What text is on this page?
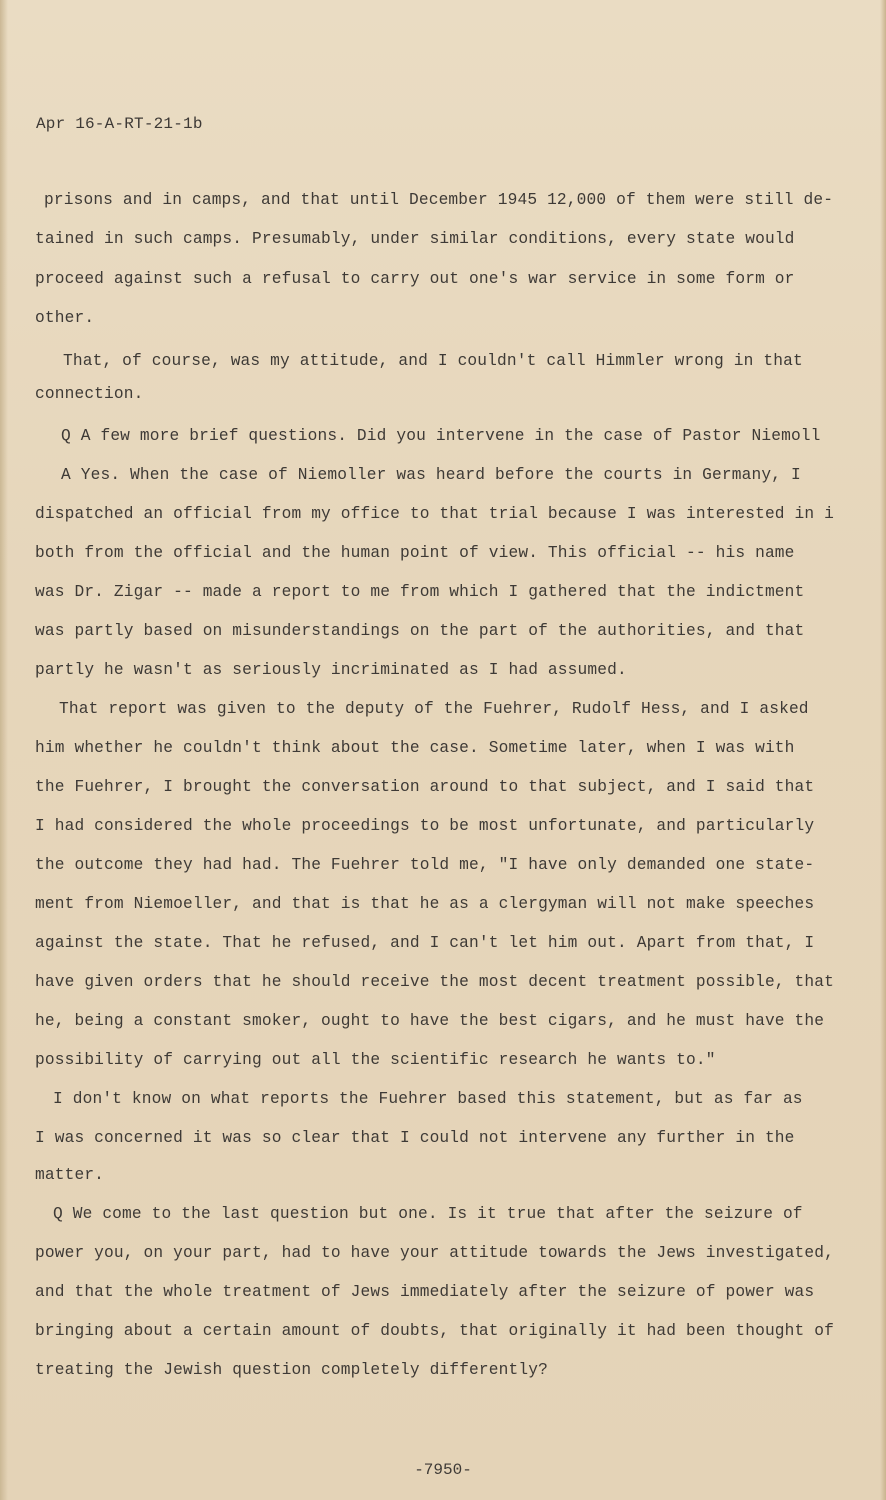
Apr 16-A-RT-21-1b
prisons and in camps, and that until December 1945 12,000 of them were still de-
tained in such camps. Presumably, under similar conditions, every state would
proceed against such a refusal to carry out one's war service in some form or
other.
That, of course, was my attitude, and I couldn't call Himmler wrong in that
connection.
Q A few more brief questions. Did you intervene in the case of Pastor Niemoll
A Yes. When the case of Niemoller was heard before the courts in Germany, I
dispatched an official from my office to that trial because I was interested in i
both from the official and the human point of view. This official -- his name
was Dr. Zigar -- made a report to me from which I gathered that the indictment
was partly based on misunderstandings on the part of the authorities, and that
partly he wasn't as seriously incriminated as I had assumed.
That report was given to the deputy of the Fuehrer, Rudolf Hess, and I asked
him whether he couldn't think about the case. Sometime later, when I was with
the Fuehrer, I brought the conversation around to that subject, and I said that
I had considered the whole proceedings to be most unfortunate, and particularly
the outcome they had had. The Fuehrer told me, "I have only demanded one state-
ment from Niemoeller, and that is that he as a clergyman will not make speeches
against the state. That he refused, and I can't let him out. Apart from that, I
have given orders that he should receive the most decent treatment possible, that
he, being a constant smoker, ought to have the best cigars, and he must have the
possibility of carrying out all the scientific research he wants to."
I don't know on what reports the Fuehrer based this statement, but as far as
I was concerned it was so clear that I could not intervene any further in the
matter.
Q We come to the last question but one. Is it true that after the seizure of
power you, on your part, had to have your attitude towards the Jews investigated,
and that the whole treatment of Jews immediately after the seizure of power was
bringing about a certain amount of doubts, that originally it had been thought of
treating the Jewish question completely differently?
-7950-
